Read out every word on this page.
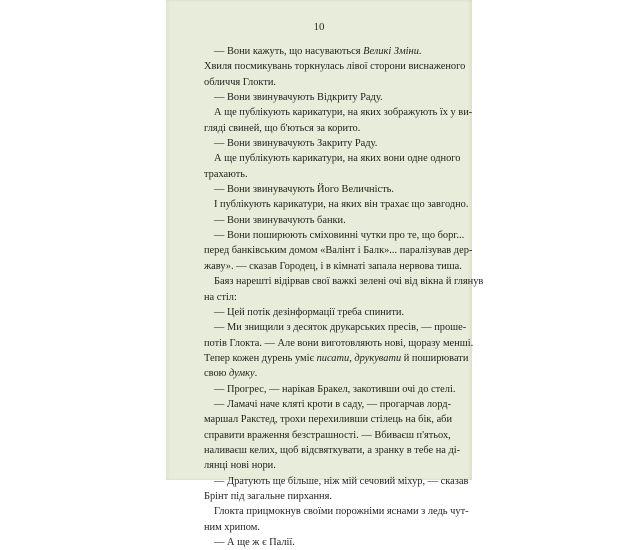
10
— Вони кажуть, що насуваються Великі Зміни.
Хвиля посмикувань торкнулась лівої сторони виснаженого
обличчя Глокти.
— Вони звинувачують Відкриту Раду.
А ще публікують карикатури, на яких зображують їх у ви-
гляді свиней, що б'ються за корито.
— Вони звинувачують Закриту Раду.
А ще публікують карикатури, на яких вони одне одного
трахають.
— Вони звинувачують Його Величність.
І публікують карикатури, на яких він трахає що завгодно.
— Вони звинувачують банки.
— Вони поширюють сміховинні чутки про те, що борг...
перед банківським домом «Валінт і Балк»... паралізував дер-
жаву». — сказав Городец, і в кімнаті запала нервова тиша.
Баяз нарешті відірвав свої важкі зелені очі від вікна й глянув
на стіл:
— Цей потік дезінформації треба спинити.
— Ми знищили з десяток друкарських пресів, — проше-
потів Глокта. — Але вони виготовляють нові, щоразу менші.
Тепер кожен дурень уміє писати, друкувати й поширювати
свою думку.
— Прогрес, — нарікав Бракел, закотивши очі до стелі.
— Ламачі наче кляті кроти в саду, — прогарчав лорд-
маршал Ракстед, трохи перехиливши стілець на бік, аби
справити враження безстрашності. — Вбиваєш п'ятьох,
наливаєш келих, щоб відсвяткувати, а зранку в тебе на ді-
лянці нові нори.
— Дратують ще більше, ніж мій сечовий міхур, — сказав
Брінт під загальне пирхання.
Глокта прицмокнув своїми порожніми яснами з ледь чут-
ним хрипом.
— А ще ж є Палії.
